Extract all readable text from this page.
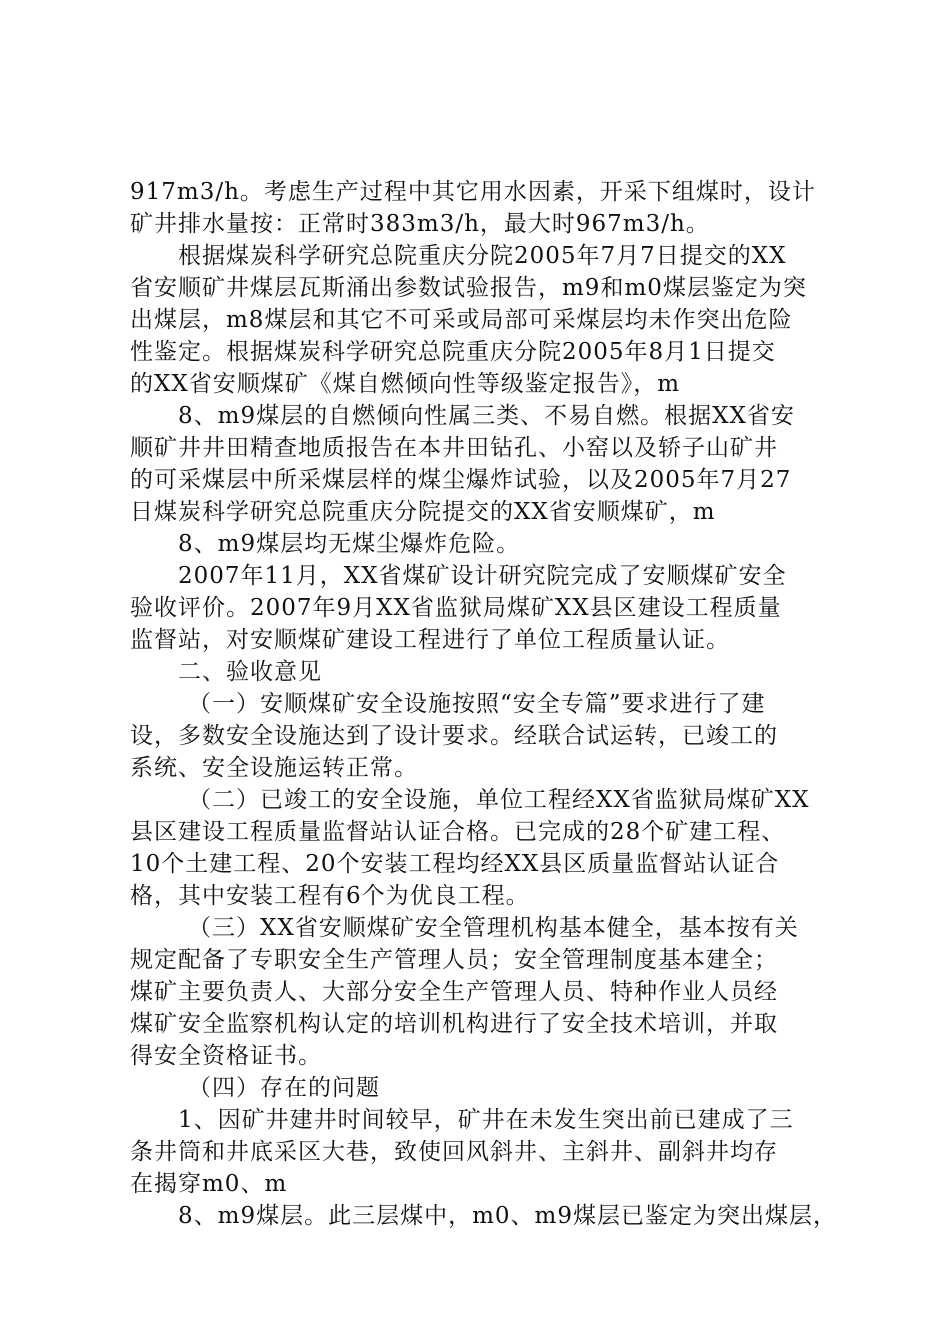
917m3/h。考虑生产过程中其它用水因素，开采下组煤时，设计
矿井排水量按：正常时383m3/h，最大时967m3/h。
根据煤炭科学研究总院重庆分院2005年7月7日提交的XX
省安顺矿井煤层瓦斯涌出参数试验报告，m9和m0煤层鉴定为突
出煤层，m8煤层和其它不可采或局部可采煤层均未作突出危险
性鉴定。根据煤炭科学研究总院重庆分院2005年8月1日提交
的XX省安顺煤矿《煤自燃倾向性等级鉴定报告》，m
8、m9煤层的自燃倾向性属三类、不易自燃。根据XX省安
顺矿井井田精查地质报告在本井田钻孔、小窑以及轿子山矿井
的可采煤层中所采煤层样的煤尘爆炸试验，以及2005年7月27
日煤炭科学研究总院重庆分院提交的XX省安顺煤矿，m
8、m9煤层均无煤尘爆炸危险。
2007年11月，XX省煤矿设计研究院完成了安顺煤矿安全
验收评价。2007年9月XX省监狱局煤矿XX县区建设工程质量
监督站，对安顺煤矿建设工程进行了单位工程质量认证。
二、验收意见
（一）安顺煤矿安全设施按照“安全专篇”要求进行了建
设，多数安全设施达到了设计要求。经联合试运转，已竣工的
系统、安全设施运转正常。
（二）已竣工的安全设施，单位工程经XX省监狱局煤矿XX
县区建设工程质量监督站认证合格。已完成的28个矿建工程、
10个土建工程、20个安装工程均经XX县区质量监督站认证合
格，其中安装工程有6个为优良工程。
（三）XX省安顺煤矿安全管理机构基本健全，基本按有关
规定配备了专职安全生产管理人员；安全管理制度基本建全；
煤矿主要负责人、大部分安全生产管理人员、特种作业人员经
煤矿安全监察机构认定的培训机构进行了安全技术培训，并取
得安全资格证书。
（四）存在的问题
1、因矿井建井时间较早，矿井在未发生突出前已建成了三
条井筒和井底采区大巷，致使回风斜井、主斜井、副斜井均存
在揭穿m0、m
8、m9煤层。此三层煤中，m0、m9煤层已鉴定为突出煤层，
